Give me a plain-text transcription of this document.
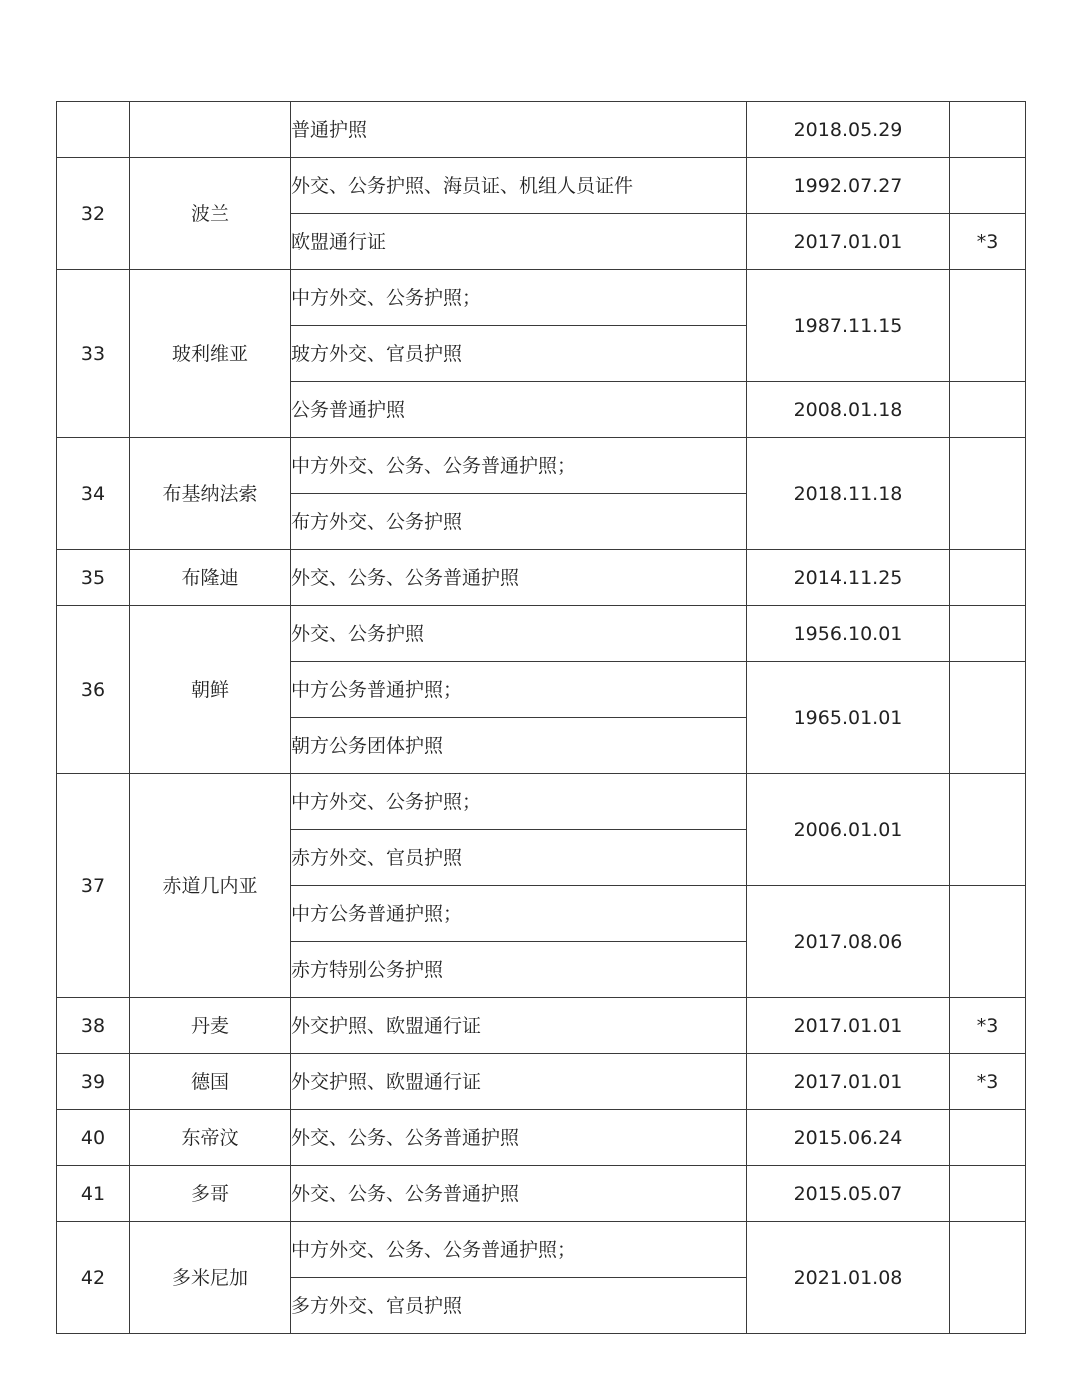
		普通护照	2018.05.29	
32	波兰	外交、公务护照、海员证、机组人员证件	1992.07.27	
		欧盟通行证	2017.01.01	*3
33	玻利维亚	中方外交、公务护照；	1987.11.15	
		玻方外交、官员护照		
		公务普通护照	2008.01.18	
34	布基纳法索	中方外交、公务、公务普通护照；	2018.11.18	
		布方外交、公务护照		
35	布隆迪	外交、公务、公务普通护照	2014.11.25	
36	朝鲜	外交、公务护照	1956.10.01	
		中方公务普通护照；	1965.01.01	
		朝方公务团体护照		
37	赤道几内亚	中方外交、公务护照；	2006.01.01	
		赤方外交、官员护照		
		中方公务普通护照；	2017.08.06	
		赤方特别公务护照		
38	丹麦	外交护照、欧盟通行证	2017.01.01	*3
39	德国	外交护照、欧盟通行证	2017.01.01	*3
40	东帝汶	外交、公务、公务普通护照	2015.06.24	
41	多哥	外交、公务、公务普通护照	2015.05.07	
42	多米尼加	中方外交、公务、公务普通护照；	2021.01.08	
		多方外交、官员护照		
